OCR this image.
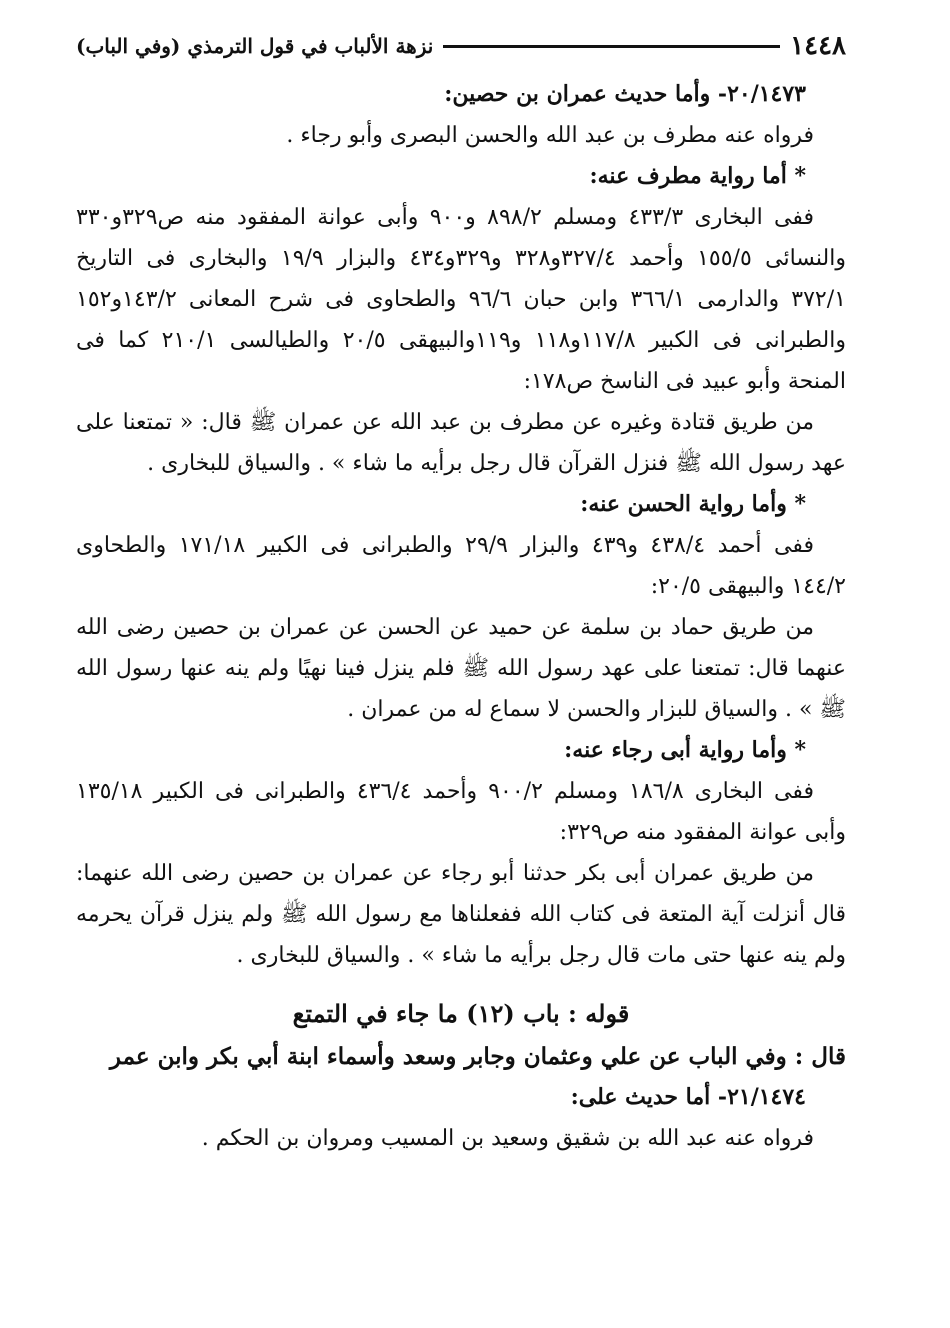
١٤٤٨
نزهة الألباب في قول الترمذي (وفي الباب)

٢٠/١٤٧٣- وأما حديث عمران بن حصين:

فرواه عنه مطرف بن عبد الله والحسن البصرى وأبو رجاء .

* أما رواية مطرف عنه:

ففى البخارى ٤٣٣/٣ ومسلم ٨٩٨/٢ و٩٠٠ وأبى عوانة المفقود منه ص٣٢٩و٣٣٠ والنسائى ١٥٥/٥ وأحمد ٣٢٧/٤و٣٢٨ و٣٢٩و٤٣٤ والبزار ١٩/٩ والبخارى فى التاريخ ٣٧٢/١ والدارمى ٣٦٦/١ وابن حبان ٩٦/٦ والطحاوى فى شرح المعانى ١٤٣/٢و١٥٢ والطبرانى فى الكبير ١١٧/٨و١١٨ و١١٩والبيهقى ٢٠/٥ والطيالسى ٢١٠/١ كما فى المنحة وأبو عبيد فى الناسخ ص١٧٨:

من طريق قتادة وغيره عن مطرف بن عبد الله عن عمران ﷺ قال: « تمتعنا على عهد رسول الله ﷺ فنزل القرآن قال رجل برأيه ما شاء » . والسياق للبخارى .

* وأما رواية الحسن عنه:

ففى أحمد ٤٣٨/٤ و٤٣٩ والبزار ٢٩/٩ والطبرانى فى الكبير ١٧١/١٨ والطحاوى ١٤٤/٢ والبيهقى ٢٠/٥:

من طريق حماد بن سلمة عن حميد عن الحسن عن عمران بن حصين رضى الله عنهما قال: تمتعنا على عهد رسول الله ﷺ فلم ينزل فينا نهيًا ولم ينه عنها رسول الله ﷺ » . والسياق للبزار والحسن لا سماع له من عمران .

* وأما رواية أبى رجاء عنه:

ففى البخارى ١٨٦/٨ ومسلم ٩٠٠/٢ وأحمد ٤٣٦/٤ والطبرانى فى الكبير ١٣٥/١٨ وأبى عوانة المفقود منه ص٣٢٩:

من طريق عمران أبى بكر حدثنا أبو رجاء عن عمران بن حصين رضى الله عنهما: قال أنزلت آية المتعة فى كتاب الله ففعلناها مع رسول الله ﷺ ولم ينزل قرآن يحرمه ولم ينه عنها حتى مات قال رجل برأيه ما شاء » . والسياق للبخارى .

قوله : باب (١٢) ما جاء في التمتع

قال : وفي الباب عن علي وعثمان وجابر وسعد وأسماء ابنة أبي بكر وابن عمر

٢١/١٤٧٤- أما حديث على:

فرواه عنه عبد الله بن شقيق وسعيد بن المسيب ومروان بن الحكم .
